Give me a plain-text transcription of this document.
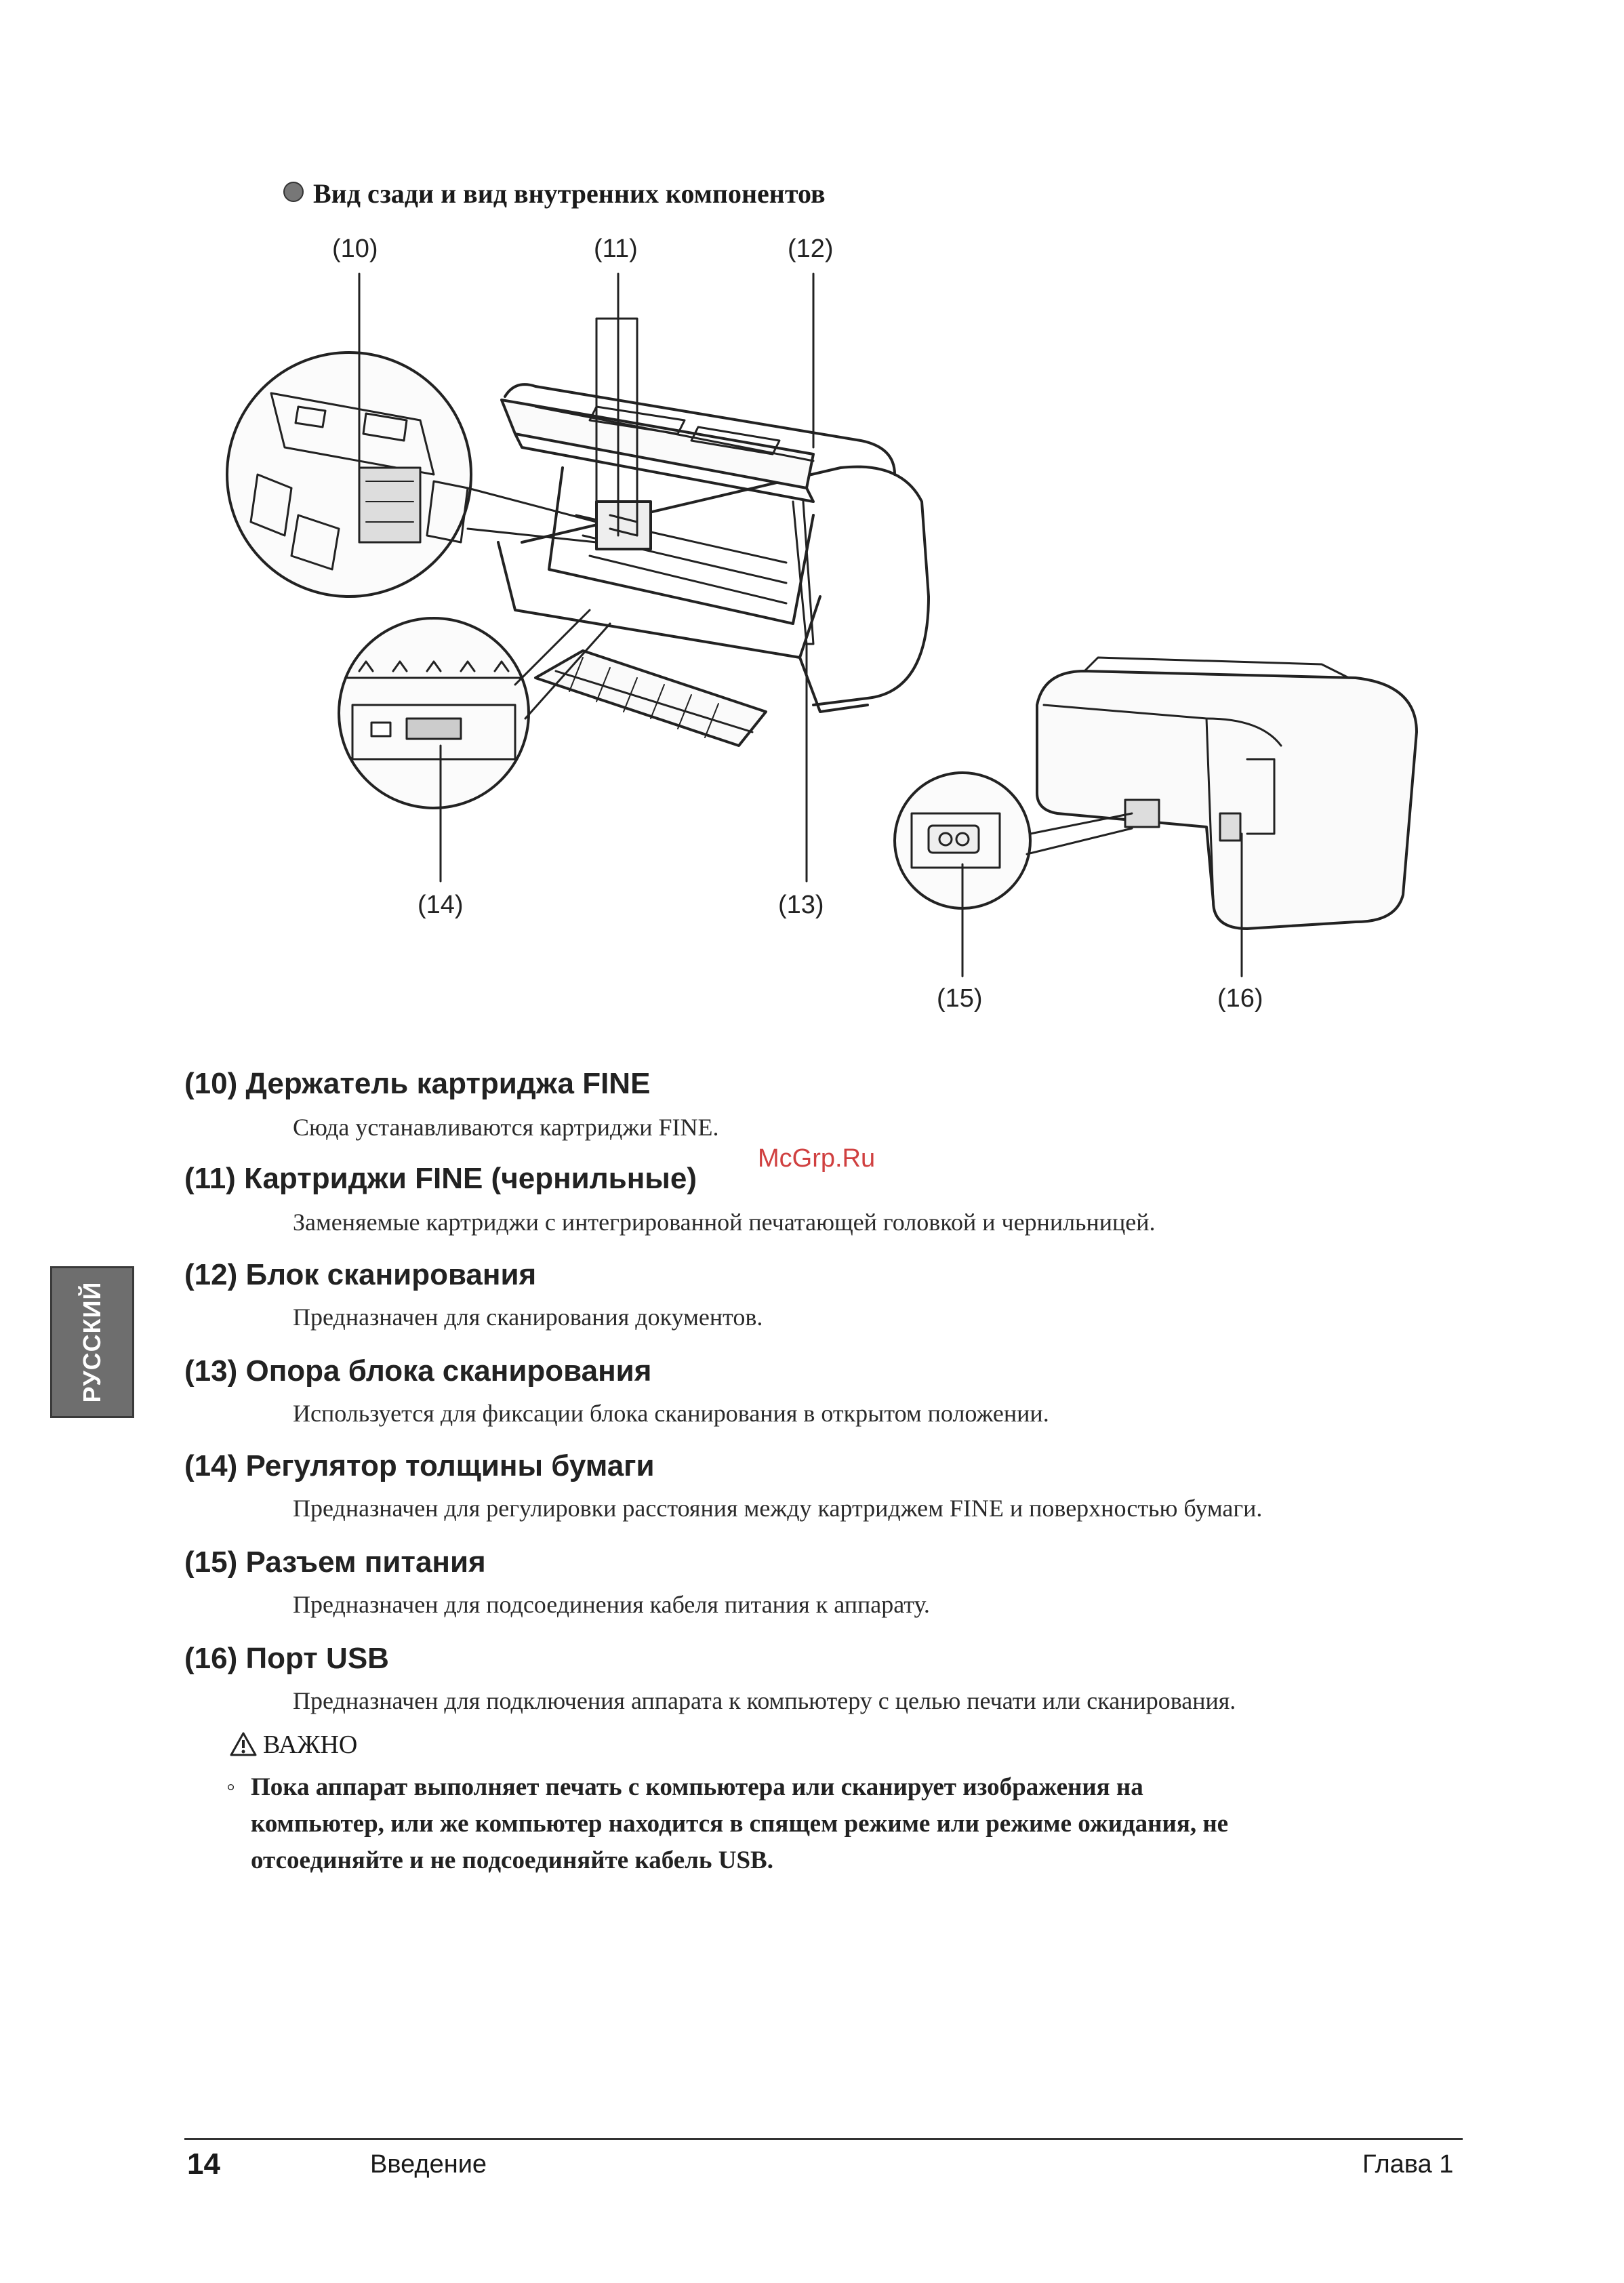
Вид сзади и вид внутренних компонентов
(10)	(11)	(12)
(14)	(13)
(15)	(16)
РУССКИЙ
(10) Держатель картриджа FINE
Сюда устанавливаются картриджи FINE.
(11) Картриджи FINE (чернильные)
Заменяемые картриджи с интегрированной печатающей головкой и чернильницей.
(12) Блок сканирования
Предназначен для сканирования документов.
(13) Опора блока сканирования
Используется для фиксации блока сканирования в открытом положении.
(14) Регулятор толщины бумаги
Предназначен для регулировки расстояния между картриджем FINE и поверхностью бумаги.
(15) Разъем питания
Предназначен для подсоединения кабеля питания к аппарату.
(16) Порт USB
Предназначен для подключения аппарата к компьютеру с целью печати или сканирования.
McGrp.Ru
ВАЖНО
◦ Пока аппарат выполняет печать с компьютера или сканирует изображения на
компьютер, или же компьютер находится в спящем режиме или режиме ожидания, не
отсоединяйте и не подсоединяйте кабель USB.
14	Введение	Глава 1
